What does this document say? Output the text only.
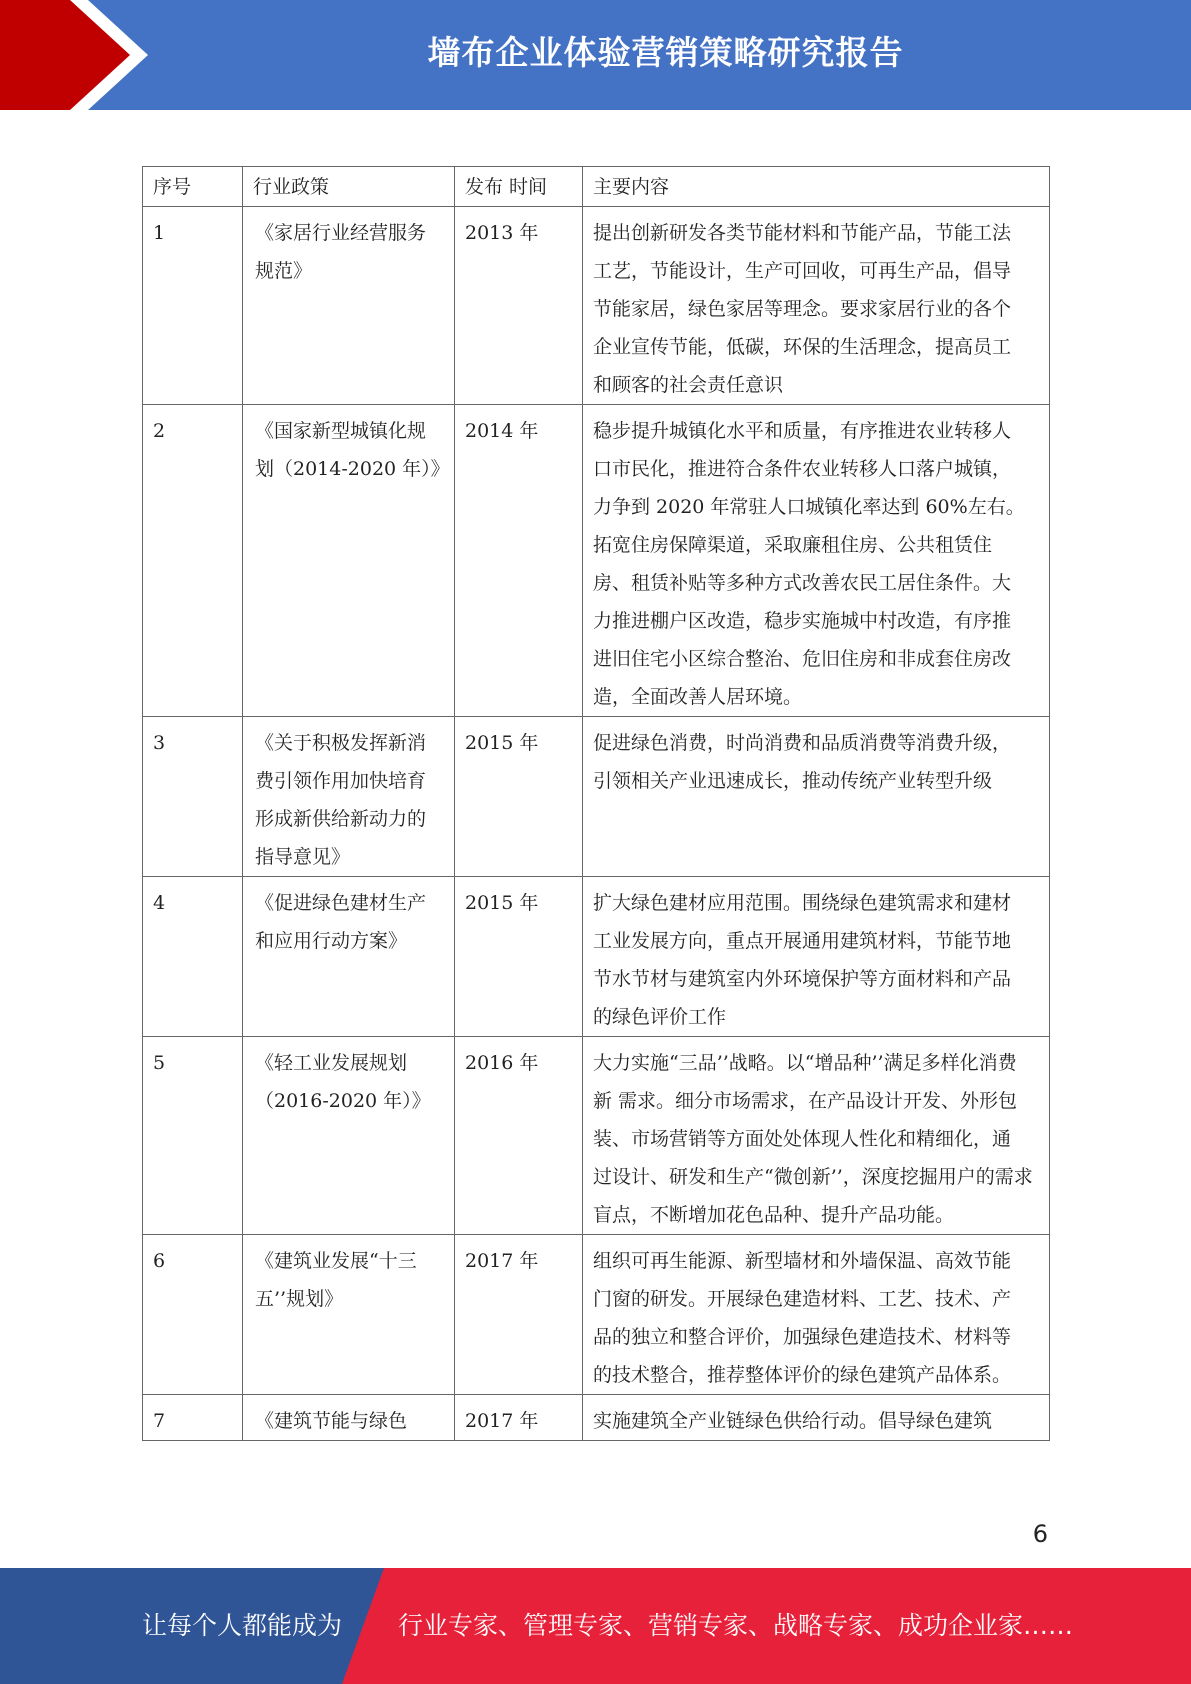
墙布企业体验营销策略研究报告
序号	行业政策	发布 时间	主要内容
1	《家居行业经营服务规范》	2013 年	提出创新研发各类节能材料和节能产品，节能工法 工艺，节能设计，生产可回收，可再生产品，倡导 节能家居，绿色家居等理念。要求家居行业的各个 企业宣传节能，低碳，环保的生活理念，提高员工 和顾客的社会责任意识
2	《国家新型城镇化规划（2014-2020 年）》	2014 年	稳步提升城镇化水平和质量，有序推进农业转移人 口市民化，推进符合条件农业转移人口落户城镇， 力争到 2020 年常驻人口城镇化率达到 60%左右。 拓宽住房保障渠道，采取廉租住房、公共租赁住 房、租赁补贴等多种方式改善农民工居住条件。大 力推进棚户区改造，稳步实施城中村改造，有序推 进旧住宅小区综合整治、危旧住房和非成套住房改 造，全面改善人居环境。
3	《关于积极发挥新消费引领作用加快培育形成新供给新动力的指导意见》	2015 年	促进绿色消费，时尚消费和品质消费等消费升级， 引领相关产业迅速成长，推动传统产业转型升级
4	《促进绿色建材生产和应用行动方案》	2015 年	扩大绿色建材应用范围。围绕绿色建筑需求和建材 工业发展方向，重点开展通用建筑材料，节能节地 节水节材与建筑室内外环境保护等方面材料和产品 的绿色评价工作
5	《轻工业发展规划（2016-2020 年）》	2016 年	大力实施“三品’’战略。以“增品种’’满足多样化消费新 需求。细分市场需求，在产品设计开发、外形包 装、市场营销等方面处处体现人性化和精细化，通 过设计、研发和生产“微创新’’，深度挖掘用户的需求 盲点，不断增加花色品种、提升产品功能。
6	《建筑业发展“十三五’’规划》	2017 年	组织可再生能源、新型墙材和外墙保温、高效节能 门窗的研发。开展绿色建造材料、工艺、技术、产 品的独立和整合评价，加强绿色建造技术、材料等 的技术整合，推荐整体评价的绿色建筑产品体系。
7	《建筑节能与绿色	2017 年	实施建筑全产业链绿色供给行动。倡导绿色建筑
6
让每个人都能成为 行业专家、管理专家、营销专家、战略专家、成功企业家……
